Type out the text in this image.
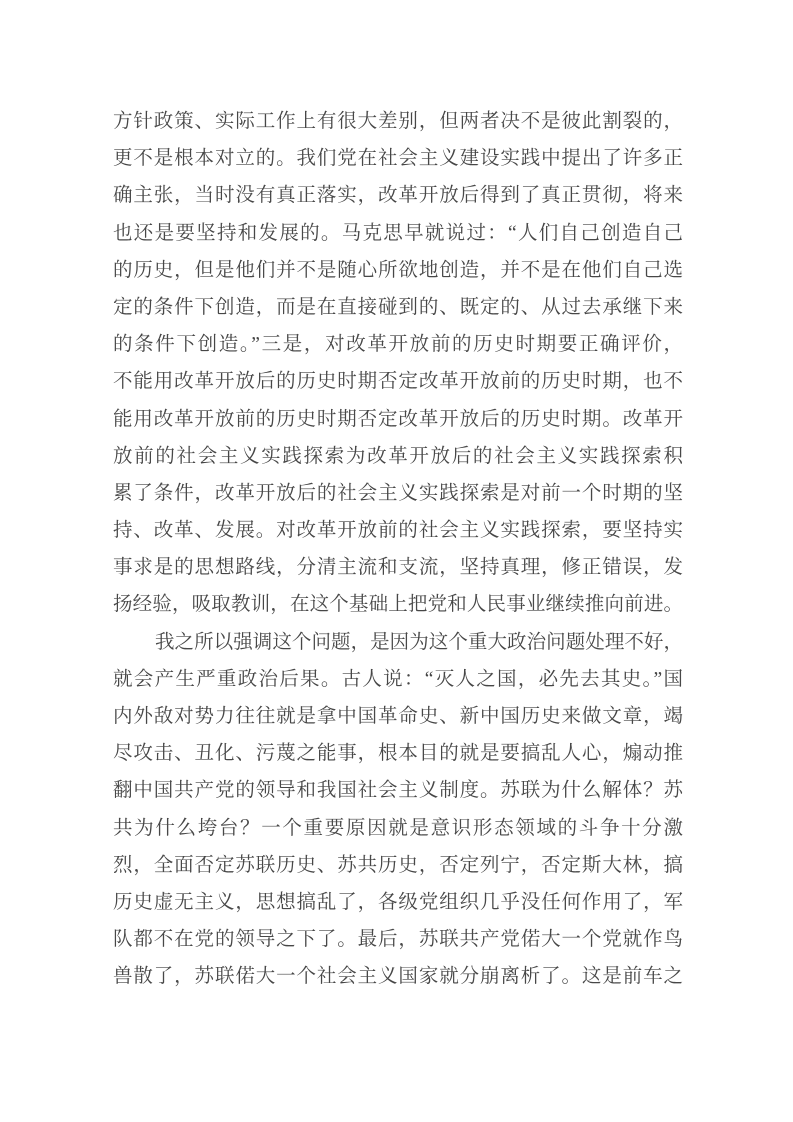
方针政策、实际工作上有很大差别，但两者决不是彼此割裂的，
更不是根本对立的。我们党在社会主义建设实践中提出了许多正
确主张，当时没有真正落实，改革开放后得到了真正贯彻，将来
也还是要坚持和发展的。马克思早就说过：“人们自己创造自己
的历史，但是他们并不是随心所欲地创造，并不是在他们自己选
定的条件下创造，而是在直接碰到的、既定的、从过去承继下来
的条件下创造。”三是，对改革开放前的历史时期要正确评价，
不能用改革开放后的历史时期否定改革开放前的历史时期，也不
能用改革开放前的历史时期否定改革开放后的历史时期。改革开
放前的社会主义实践探索为改革开放后的社会主义实践探索积
累了条件，改革开放后的社会主义实践探索是对前一个时期的坚
持、改革、发展。对改革开放前的社会主义实践探索，要坚持实
事求是的思想路线，分清主流和支流，坚持真理，修正错误，发
扬经验，吸取教训，在这个基础上把党和人民事业继续推向前进。
我之所以强调这个问题，是因为这个重大政治问题处理不好，
就会产生严重政治后果。古人说：“灭人之国，必先去其史。”国
内外敌对势力往往就是拿中国革命史、新中国历史来做文章，竭
尽攻击、丑化、污蔑之能事，根本目的就是要搞乱人心，煽动推
翻中国共产党的领导和我国社会主义制度。苏联为什么解体？苏
共为什么垮台？一个重要原因就是意识形态领域的斗争十分激
烈，全面否定苏联历史、苏共历史，否定列宁，否定斯大林，搞
历史虚无主义，思想搞乱了，各级党组织几乎没任何作用了，军
队都不在党的领导之下了。最后，苏联共产党偌大一个党就作鸟
兽散了，苏联偌大一个社会主义国家就分崩离析了。这是前车之
